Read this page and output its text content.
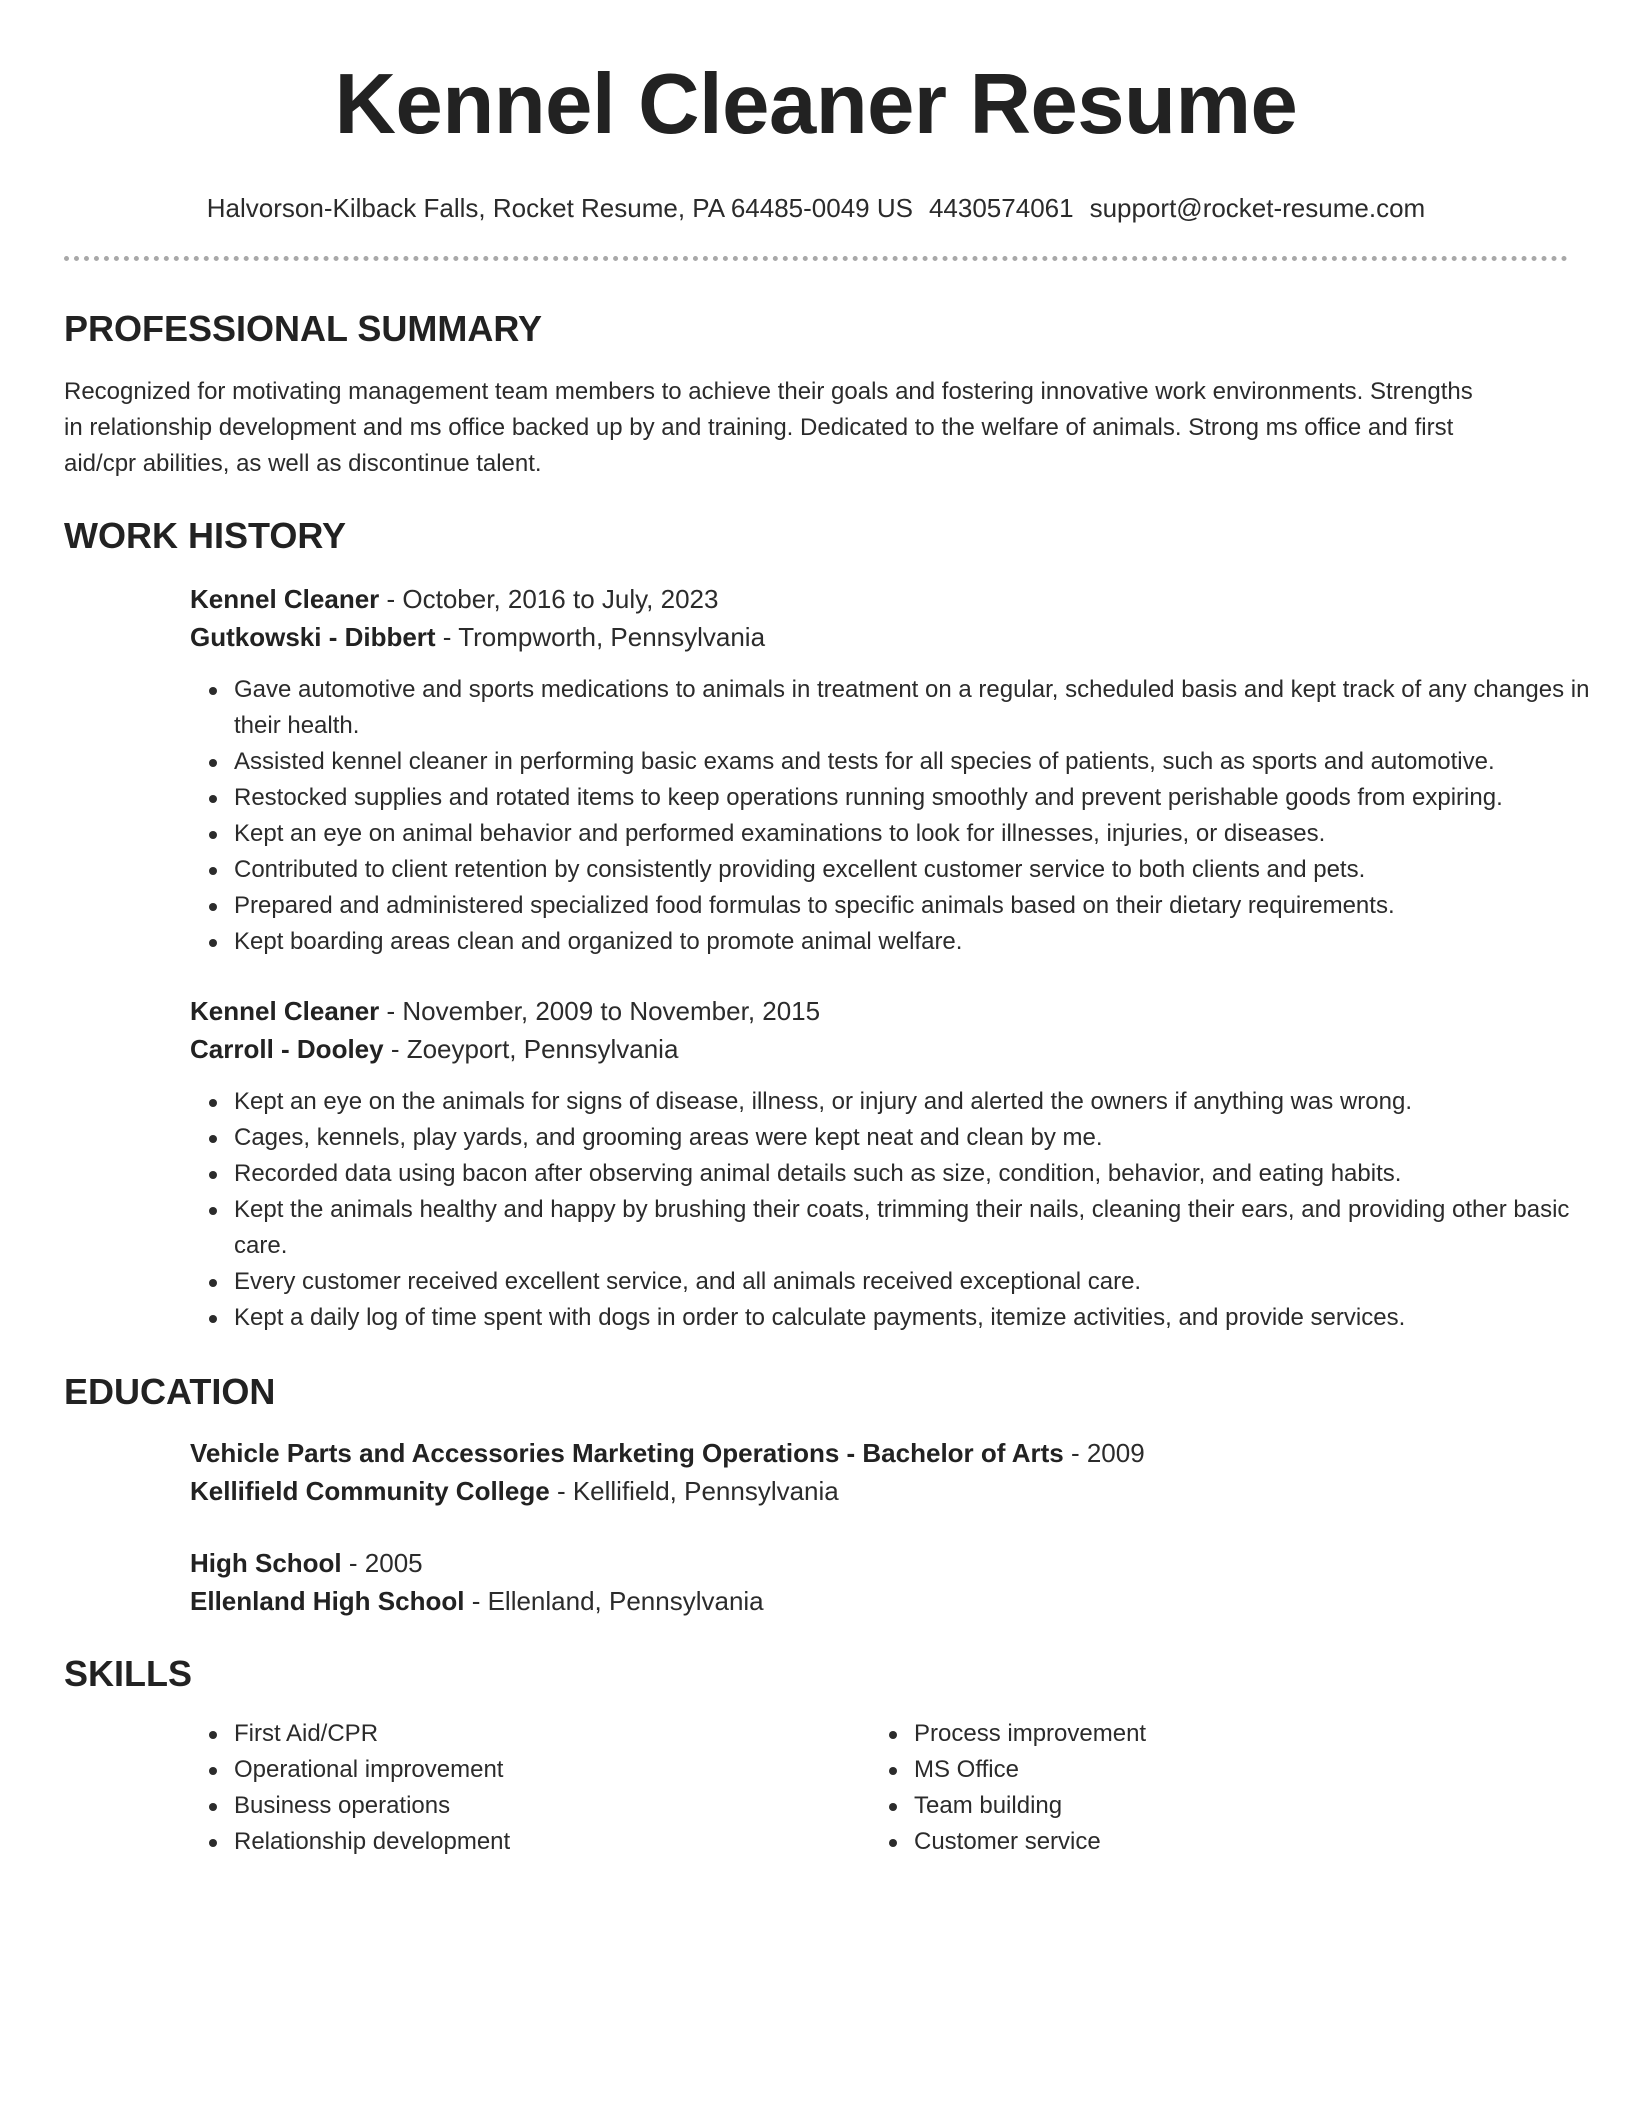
Kennel Cleaner Resume
Halvorson-Kilback Falls, Rocket Resume, PA 64485-0049 US 4430574061 support@rocket-resume.com
PROFESSIONAL SUMMARY

Recognized for motivating management team members to achieve their goals and fostering innovative work environments. Strengths in relationship development and ms office backed up by and training. Dedicated to the welfare of animals. Strong ms office and first aid/cpr abilities, as well as discontinue talent.

WORK HISTORY
Kennel Cleaner - October, 2016 to July, 2023
Gutkowski - Dibbert - Trompworth, Pennsylvania
Gave automotive and sports medications to animals in treatment on a regular, scheduled basis and kept track of any changes in their health.
Assisted kennel cleaner in performing basic exams and tests for all species of patients, such as sports and automotive.
Restocked supplies and rotated items to keep operations running smoothly and prevent perishable goods from expiring.
Kept an eye on animal behavior and performed examinations to look for illnesses, injuries, or diseases.
Contributed to client retention by consistently providing excellent customer service to both clients and pets.
Prepared and administered specialized food formulas to specific animals based on their dietary requirements.
Kept boarding areas clean and organized to promote animal welfare.
Kennel Cleaner - November, 2009 to November, 2015
Carroll - Dooley - Zoeyport, Pennsylvania
Kept an eye on the animals for signs of disease, illness, or injury and alerted the owners if anything was wrong.
Cages, kennels, play yards, and grooming areas were kept neat and clean by me.
Recorded data using bacon after observing animal details such as size, condition, behavior, and eating habits.
Kept the animals healthy and happy by brushing their coats, trimming their nails, cleaning their ears, and providing other basic care.
Every customer received excellent service, and all animals received exceptional care.
Kept a daily log of time spent with dogs in order to calculate payments, itemize activities, and provide services.
EDUCATION
Vehicle Parts and Accessories Marketing Operations - Bachelor of Arts - 2009
Kellifield Community College - Kellifield, Pennsylvania
High School - 2005
Ellenland High School - Ellenland, Pennsylvania
SKILLS
First Aid/CPR
Operational improvement
Business operations
Relationship development
Process improvement
MS Office
Team building
Customer service
